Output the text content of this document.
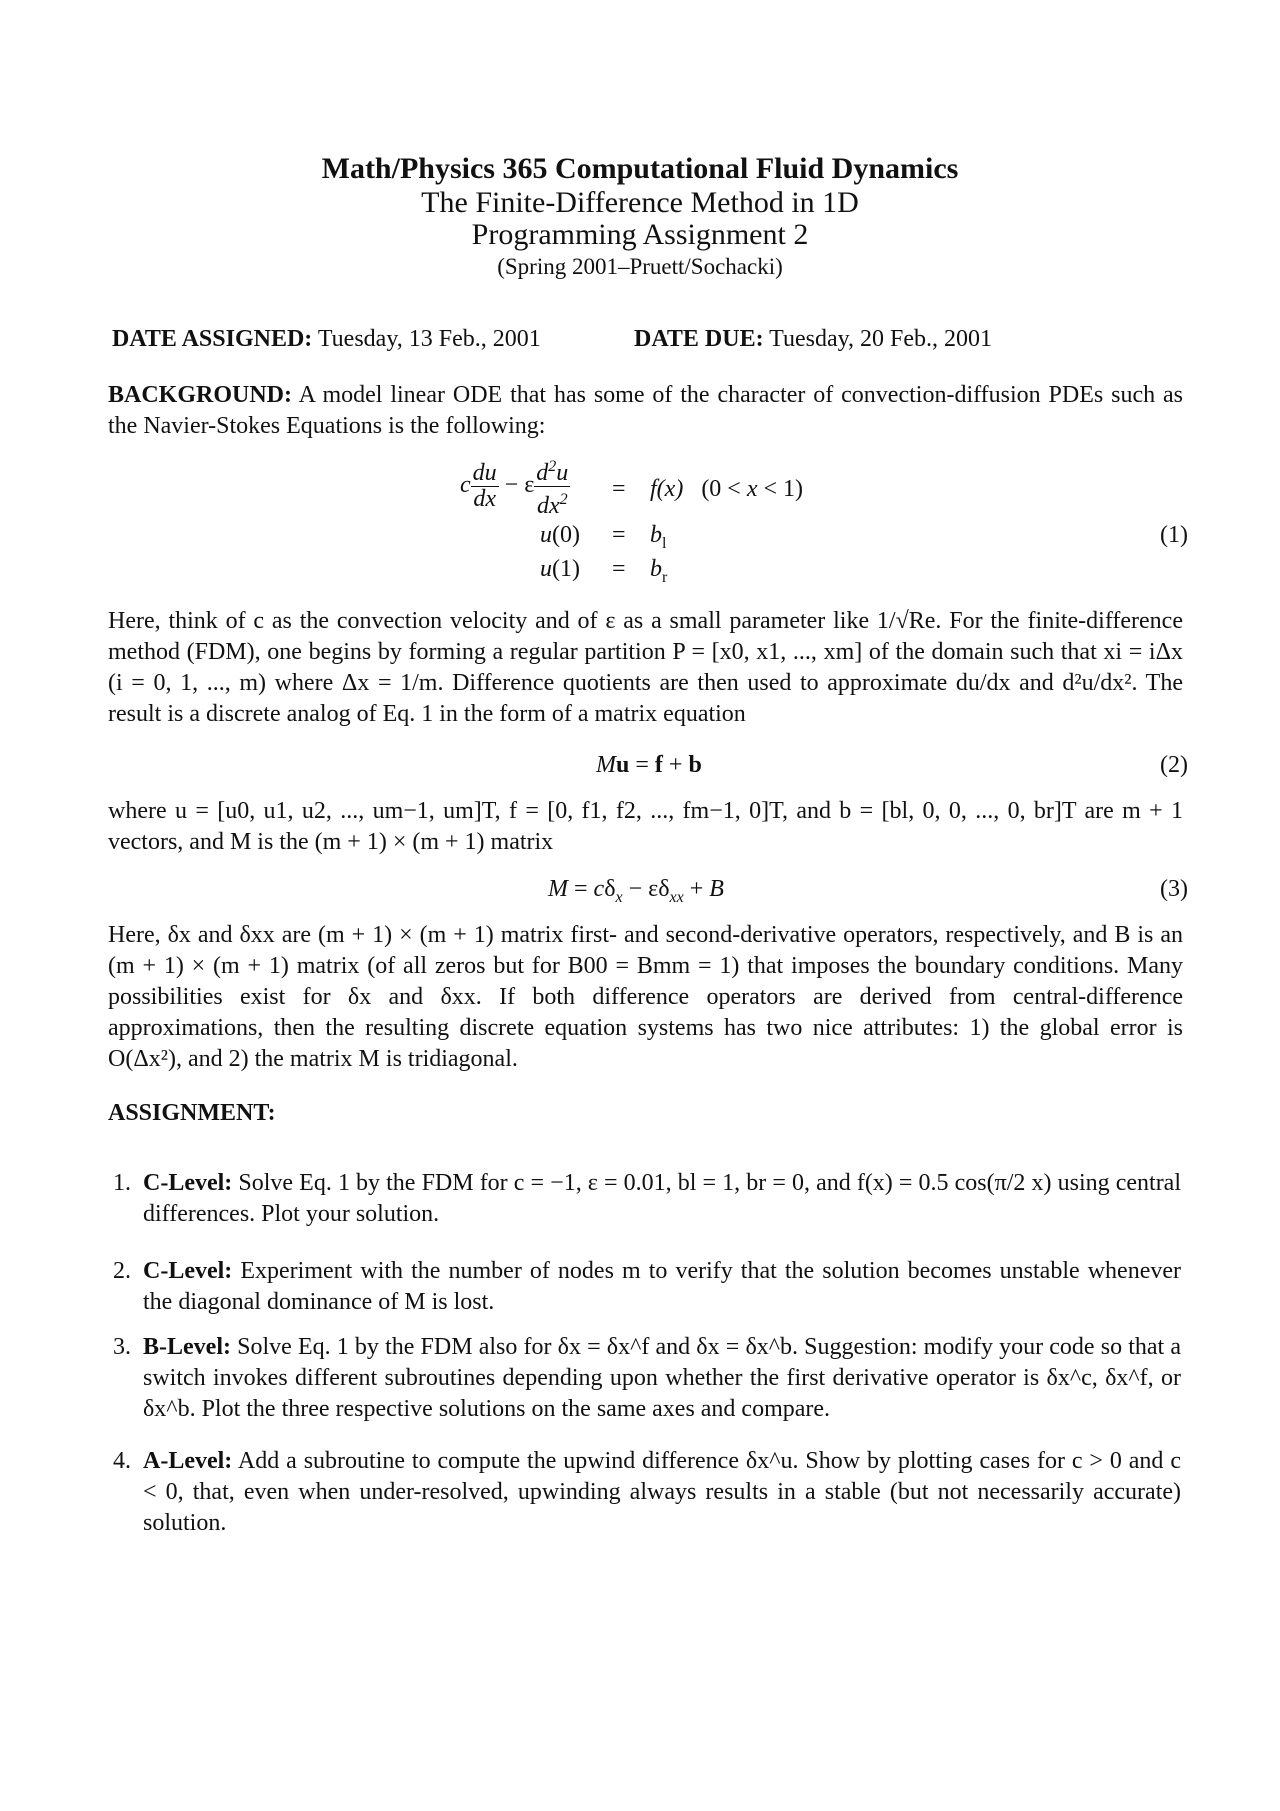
Math/Physics 365 Computational Fluid Dynamics
The Finite-Difference Method in 1D
Programming Assignment 2
(Spring 2001–Pruett/Sochacki)
DATE ASSIGNED: Tuesday, 13 Feb., 2001	DATE DUE: Tuesday, 20 Feb., 2001
BACKGROUND: A model linear ODE that has some of the character of convection-diffusion PDEs such as the Navier-Stokes Equations is the following:
c $\frac{du}{dx} - \varepsilon \frac{d^2u}{dx^2} = f(x) (0 < x < 1)$
$u(0) = b_l$
$u(1) = b_r$
(1)
Here, think of c as the convection velocity and of ε as a small parameter like 1/√Re. For the finite-difference method (FDM), one begins by forming a regular partition P = [x0, x1, ..., xm] of the domain such that xi = iΔx (i = 0, 1, ..., m) where Δx = 1/m. Difference quotients are then used to approximate du/dx and d²u/dx². The result is a discrete analog of Eq. 1 in the form of a matrix equation
Mu = f + b	(2)
where u = [u0, u1, u2, ..., um−1, um]T, f = [0, f1, f2, ..., fm−1, 0]T, and b = [bl, 0, 0, ..., 0, br]T are m + 1 vectors, and M is the (m + 1) × (m + 1) matrix
$M = c\delta_x - \varepsilon\delta_{xx} + B$	(3)
Here, δx and δxx are (m + 1) × (m + 1) matrix first- and second-derivative operators, respectively, and B is an (m + 1) × (m + 1) matrix (of all zeros but for B00 = Bmm = 1) that imposes the boundary conditions. Many possibilities exist for δx and δxx. If both difference operators are derived from central-difference approximations, then the resulting discrete equation systems has two nice attributes: 1) the global error is O(Δx²), and 2) the matrix M is tridiagonal.
ASSIGNMENT:
1. C-Level: Solve Eq. 1 by the FDM for c = −1, ε = 0.01, bl = 1, br = 0, and f(x) = 0.5 cos(π/2 x) using central differences. Plot your solution.
2. C-Level: Experiment with the number of nodes m to verify that the solution becomes unstable whenever the diagonal dominance of M is lost.
3. B-Level: Solve Eq. 1 by the FDM also for δx = δx^f and δx = δx^b. Suggestion: modify your code so that a switch invokes different subroutines depending upon whether the first derivative operator is δx^c, δx^f, or δx^b. Plot the three respective solutions on the same axes and compare.
4. A-Level: Add a subroutine to compute the upwind difference δx^u. Show by plotting cases for c > 0 and c < 0, that, even when under-resolved, upwinding always results in a stable (but not necessarily accurate) solution.
